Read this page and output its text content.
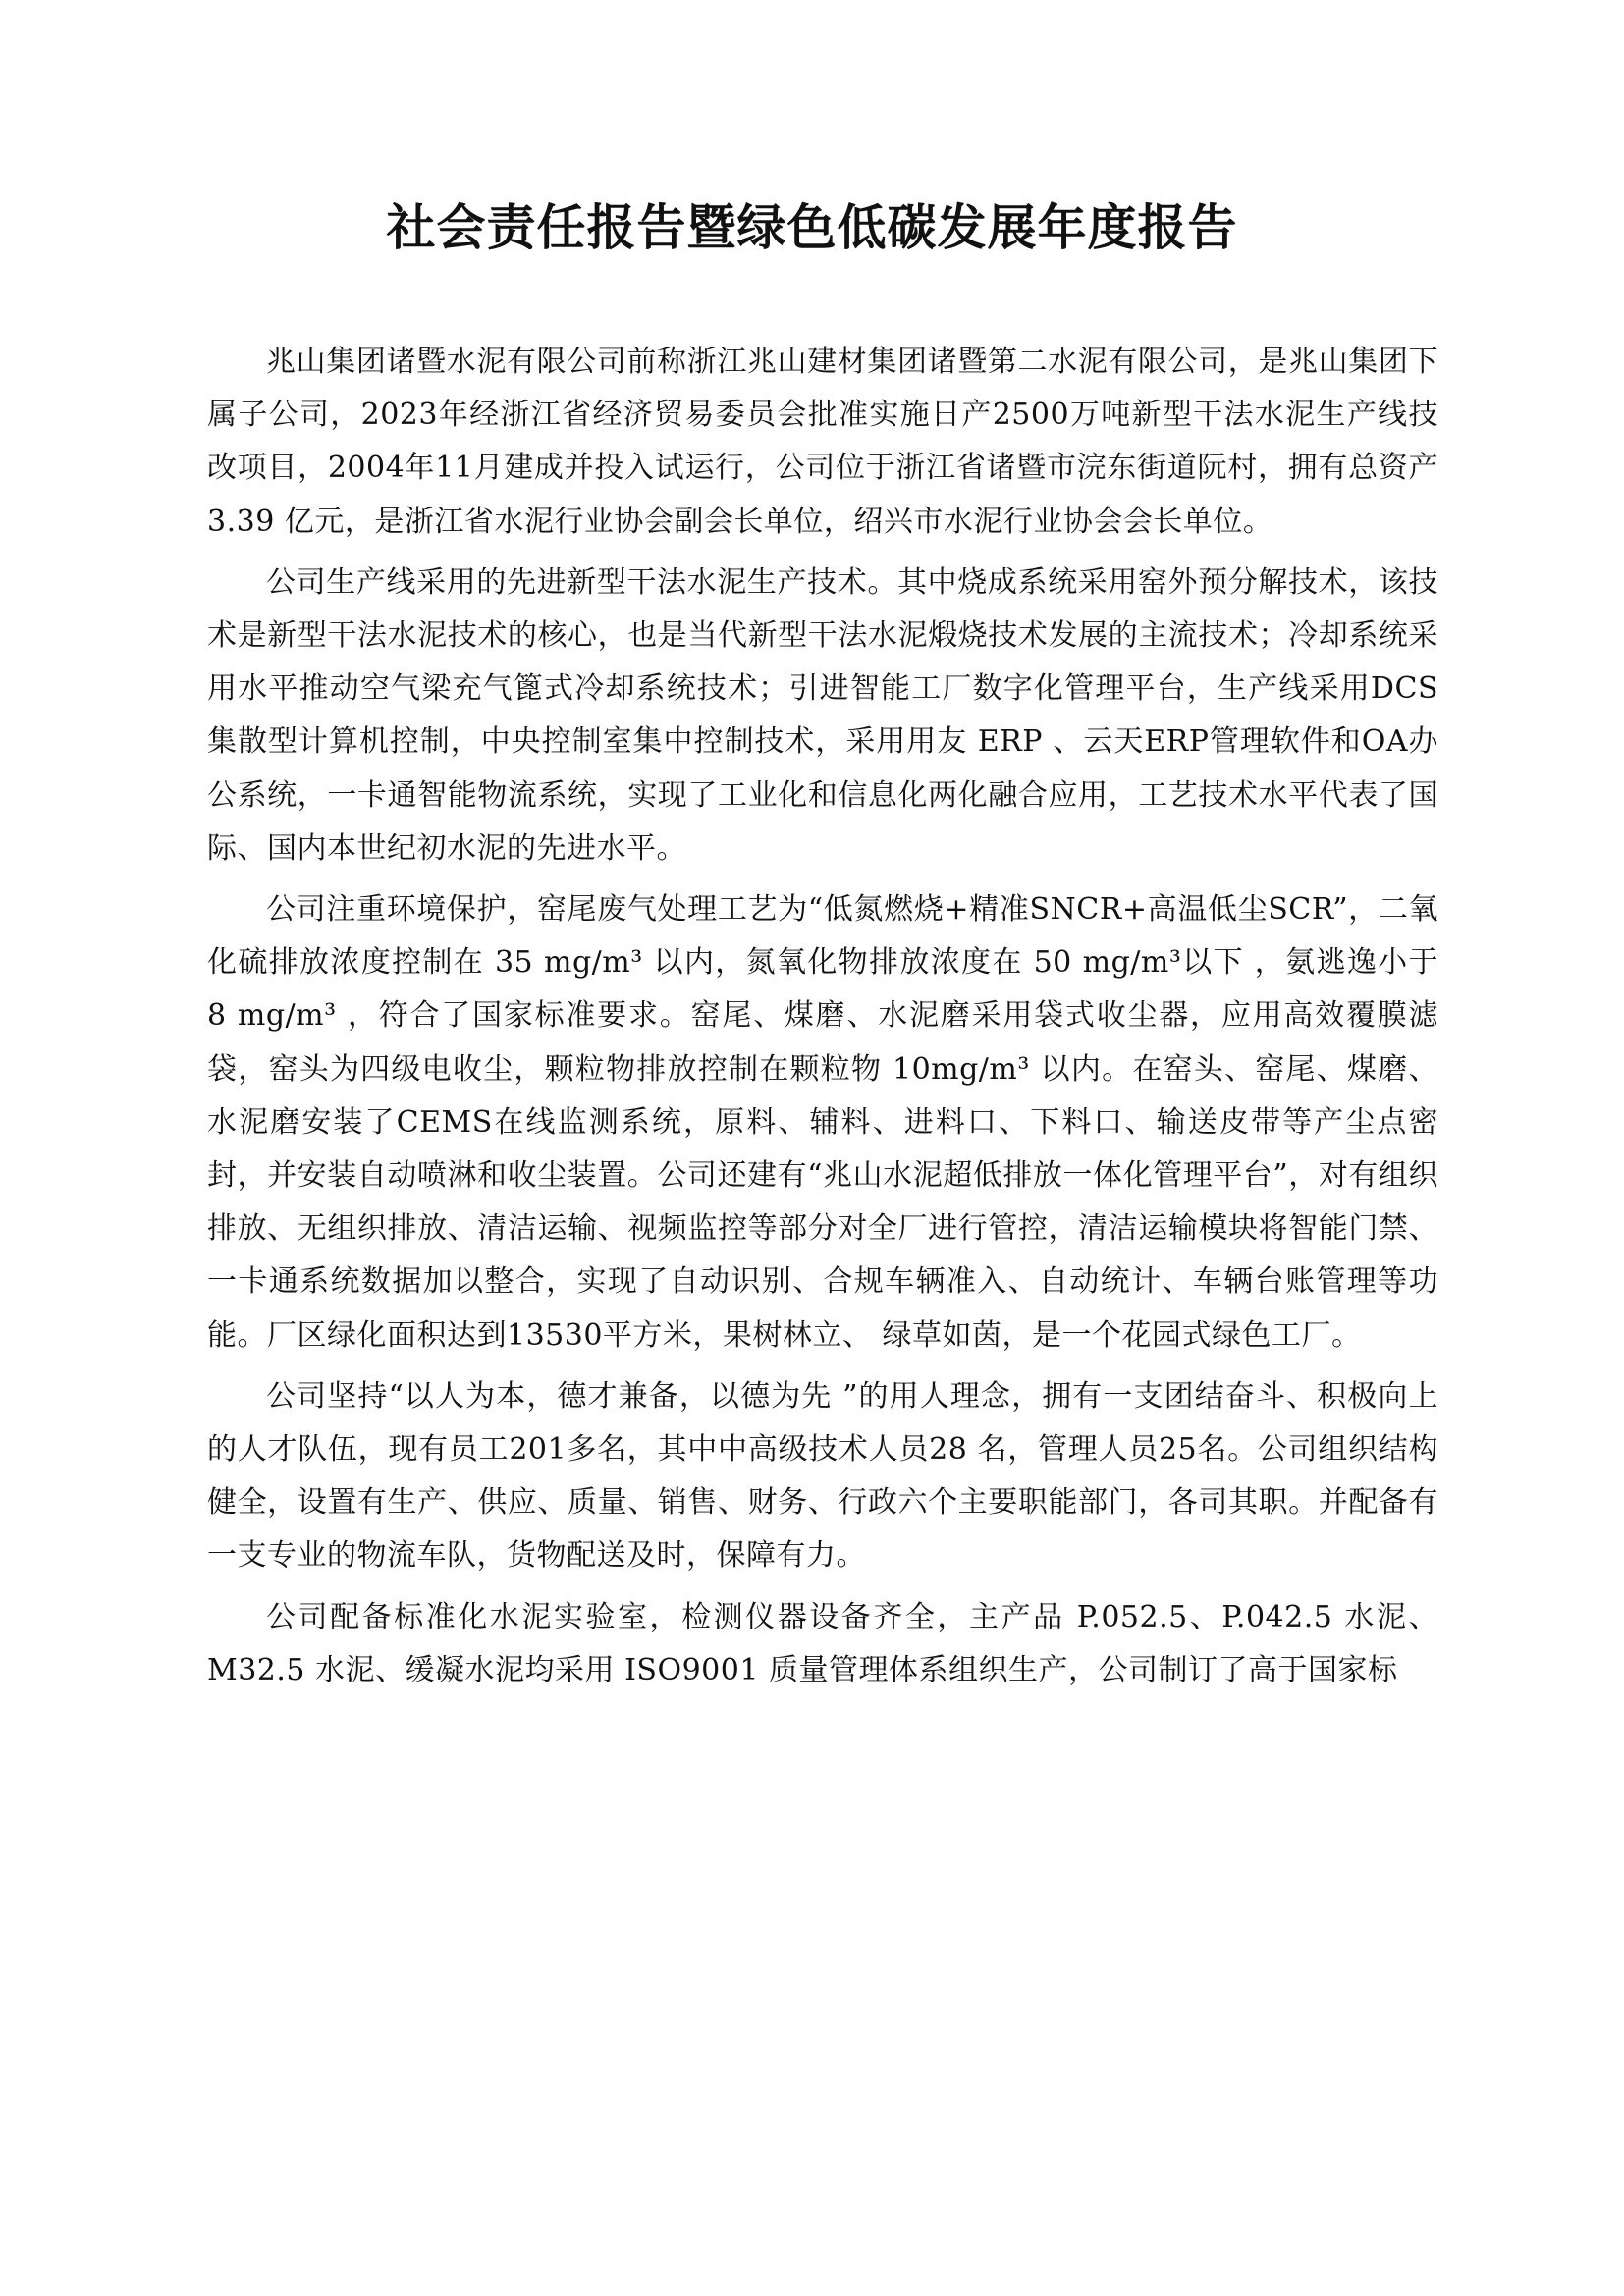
社会责任报告暨绿色低碳发展年度报告

兆山集团诸暨水泥有限公司前称浙江兆山建材集团诸暨第二水泥有限公司，是兆山集团下属子公司，2023年经浙江省经济贸易委员会批准实施日产2500万吨新型干法水泥生产线技改项目，2004年11月建成并投入试运行，公司位于浙江省诸暨市浣东街道阮村，拥有总资产3.39 亿元，是浙江省水泥行业协会副会长单位，绍兴市水泥行业协会会长单位。

公司生产线采用的先进新型干法水泥生产技术。其中烧成系统采用窑外预分解技术，该技术是新型干法水泥技术的核心，也是当代新型干法水泥煅烧技术发展的主流技术；冷却系统采用水平推动空气梁充气篦式冷却系统技术；引进智能工厂数字化管理平台，生产线采用DCS集散型计算机控制，中央控制室集中控制技术，采用用友 ERP 、云天ERP管理软件和OA办公系统，一卡通智能物流系统，实现了工业化和信息化两化融合应用，工艺技术水平代表了国际、国内本世纪初水泥的先进水平。

公司注重环境保护，窑尾废气处理工艺为“低氮燃烧+精准SNCR+高温低尘SCR”，二氧化硫排放浓度控制在 35 mg/m³ 以内，氮氧化物排放浓度在 50 mg/m³以下 ，氨逃逸小于 8 mg/m³ ，符合了国家标准要求。窑尾、煤磨、水泥磨采用袋式收尘器，应用高效覆膜滤袋，窑头为四级电收尘，颗粒物排放控制在颗粒物 10mg/m³ 以内。在窑头、窑尾、煤磨、水泥磨安装了CEMS在线监测系统，原料、辅料、进料口、下料口、输送皮带等产尘点密封，并安装自动喷淋和收尘装置。公司还建有“兆山水泥超低排放一体化管理平台”，对有组织排放、无组织排放、清洁运输、视频监控等部分对全厂进行管控，清洁运输模块将智能门禁、一卡通系统数据加以整合，实现了自动识别、合规车辆准入、自动统计、车辆台账管理等功能。厂区绿化面积达到13530平方米，果树林立、 绿草如茵，是一个花园式绿色工厂。

公司坚持“以人为本，德才兼备，以德为先 ”的用人理念，拥有一支团结奋斗、积极向上的人才队伍，现有员工201多名，其中中高级技术人员28 名，管理人员25名。公司组织结构健全，设置有生产、供应、质量、销售、财务、行政六个主要职能部门，各司其职。并配备有一支专业的物流车队，货物配送及时，保障有力。

公司配备标准化水泥实验室，检测仪器设备齐全，主产品 P.052.5、P.042.5 水泥、M32.5 水泥、缓凝水泥均采用 ISO9001 质量管理体系组织生产，公司制订了高于国家标
